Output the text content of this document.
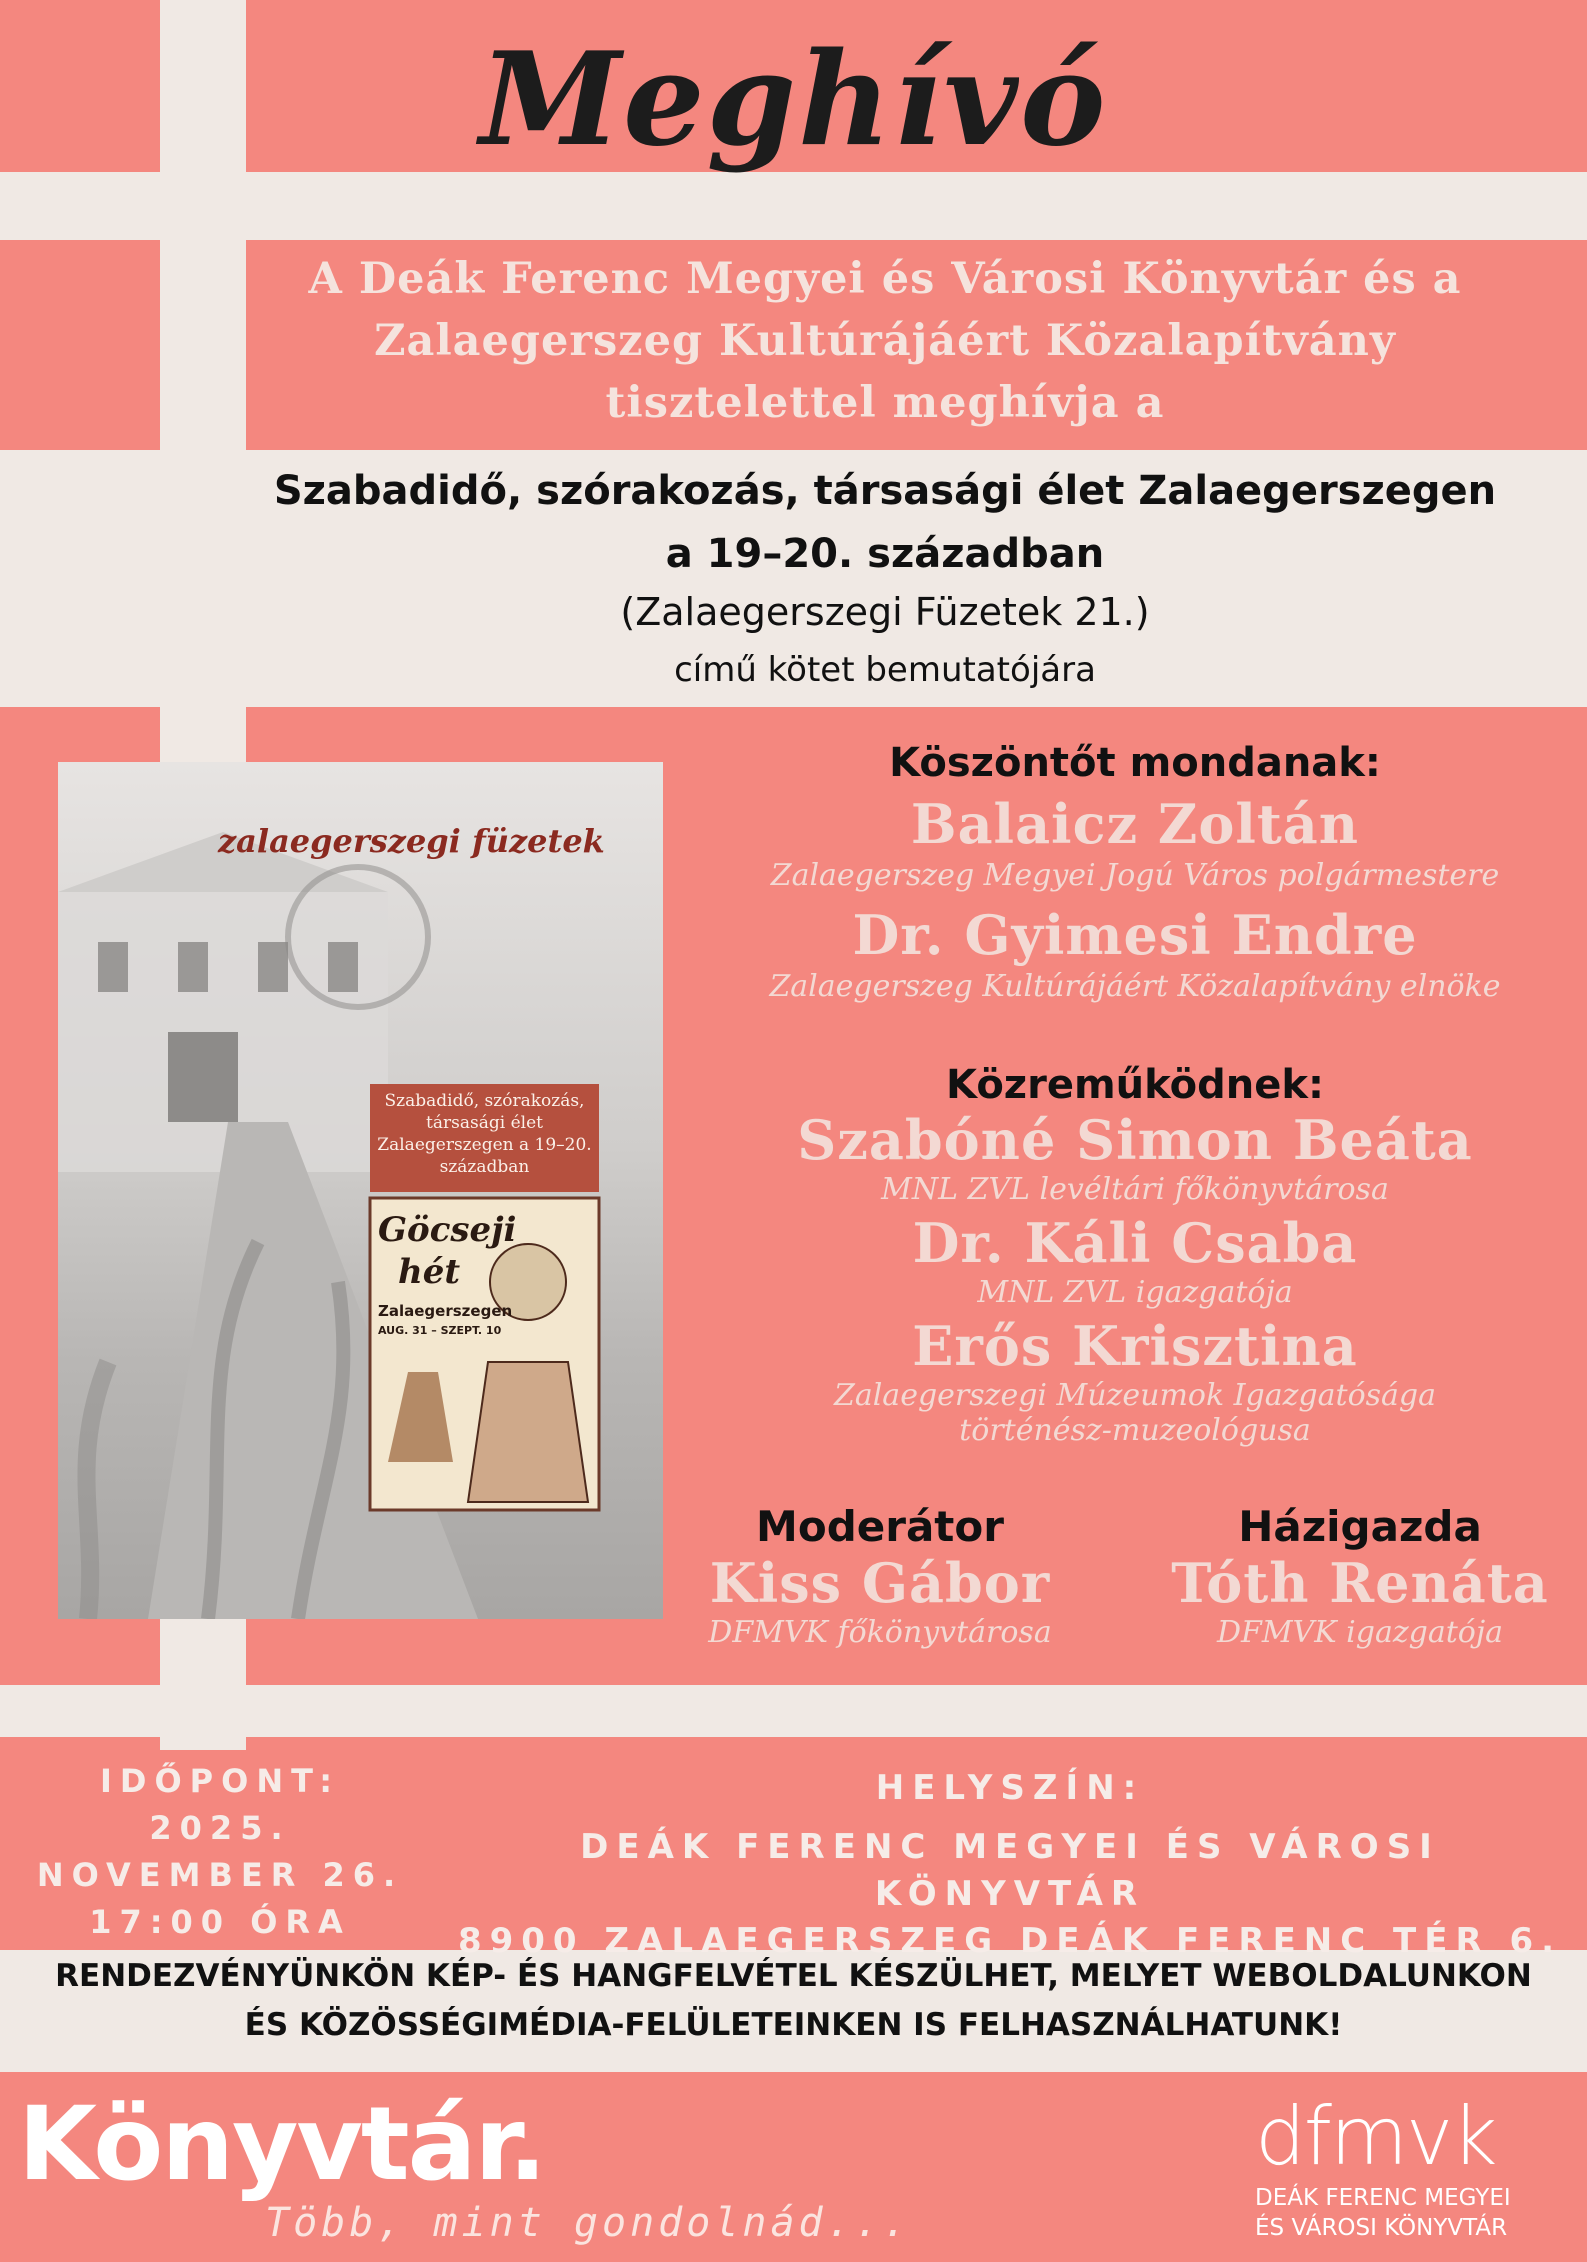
Meghívó
A Deák Ferenc Megyei és Városi Könyvtár és a
Zalaegerszeg Kultúrájáért Közalapítvány
tisztelettel meghívja a
Szabadidő, szórakozás, társasági élet Zalaegerszegen
a 19–20. században
(Zalaegerszegi Füzetek 21.)
című kötet bemutatójára
zalaegerszegi füzetek
Szabadidő, szórakozás, társasági élet Zalaegerszegen a 19–20. században
Göcseji
hét
Zalaegerszegen
AUG. 31 – SZEPT. 10
Köszöntőt mondanak:
Balaicz Zoltán
Zalaegerszeg Megyei Jogú Város polgármestere
Dr. Gyimesi Endre
Zalaegerszeg Kultúrájáért Közalapítvány elnöke
Közreműködnek:
Szabóné Simon Beáta
MNL ZVL levéltári főkönyvtárosa
Dr. Káli Csaba
MNL ZVL igazgatója
Erős Krisztina
Zalaegerszegi Múzeumok Igazgatósága
történész-muzeológusa
Moderátor
Kiss Gábor
DFMVK főkönyvtárosa
Házigazda
Tóth Renáta
DFMVK igazgatója
IDŐPONT:
2025.
NOVEMBER 26.
17:00 ÓRA
HELYSZÍN:
DEÁK FERENC MEGYEI ÉS VÁROSI KÖNYVTÁR
8900 ZALAEGERSZEG DEÁK FERENC TÉR 6.
RENDEZVÉNYÜNKÖN KÉP- ÉS HANGFELVÉTEL KÉSZÜLHET, MELYET WEBOLDALUNKON
ÉS KÖZÖSSÉGIMÉDIA-FELÜLETEINKEN IS FELHASZNÁLHATUNK!
Könyvtár.
Több, mint gondolnád...
dfmvk
DEÁK FERENC MEGYEI
ÉS VÁROSI KÖNYVTÁR
